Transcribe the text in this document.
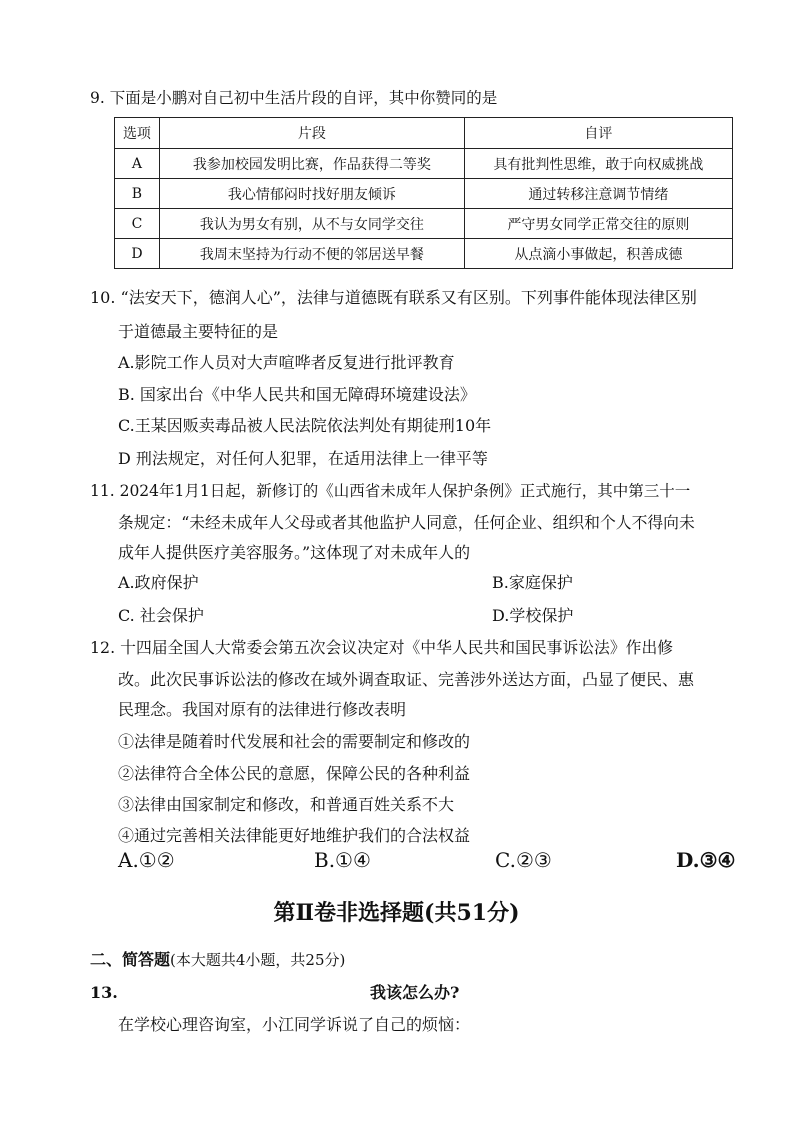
9. 下面是小鹏对自己初中生活片段的自评，其中你赞同的是
选项	片段	自评
A	我参加校园发明比赛，作品获得二等奖	具有批判性思维，敢于向权威挑战
B	我心情郁闷时找好朋友倾诉	通过转移注意调节情绪
C	我认为男女有别，从不与女同学交往	严守男女同学正常交往的原则
D	我周末坚持为行动不便的邻居送早餐	从点滴小事做起，积善成德
10. “法安天下，德润人心”，法律与道德既有联系又有区别。下列事件能体现法律区别
于道德最主要特征的是
A.影院工作人员对大声喧哗者反复进行批评教育
B. 国家出台《中华人民共和国无障碍环境建设法》
C.王某因贩卖毒品被人民法院依法判处有期徒刑10年
D 刑法规定，对任何人犯罪，在适用法律上一律平等
11. 2024年1月1日起，新修订的《山西省未成年人保护条例》正式施行，其中第三十一
条规定：“未经未成年人父母或者其他监护人同意，任何企业、组织和个人不得向未
成年人提供医疗美容服务。”这体现了对未成年人的
A.政府保护	B.家庭保护
C. 社会保护	D.学校保护
12. 十四届全国人大常委会第五次会议决定对《中华人民共和国民事诉讼法》作出修
改。此次民事诉讼法的修改在域外调查取证、完善涉外送达方面，凸显了便民、惠
民理念。我国对原有的法律进行修改表明
①法律是随着时代发展和社会的需要制定和修改的
②法律符合全体公民的意愿，保障公民的各种利益
③法律由国家制定和修改，和普通百姓关系不大
④通过完善相关法律能更好地维护我们的合法权益
A.①②	B.①④	C.②③	D.③④
第Ⅱ卷非选择题(共51分)
二、简答题(本大题共4小题，共25分)
13.	我该怎么办?
在学校心理咨询室，小江同学诉说了自己的烦恼：
